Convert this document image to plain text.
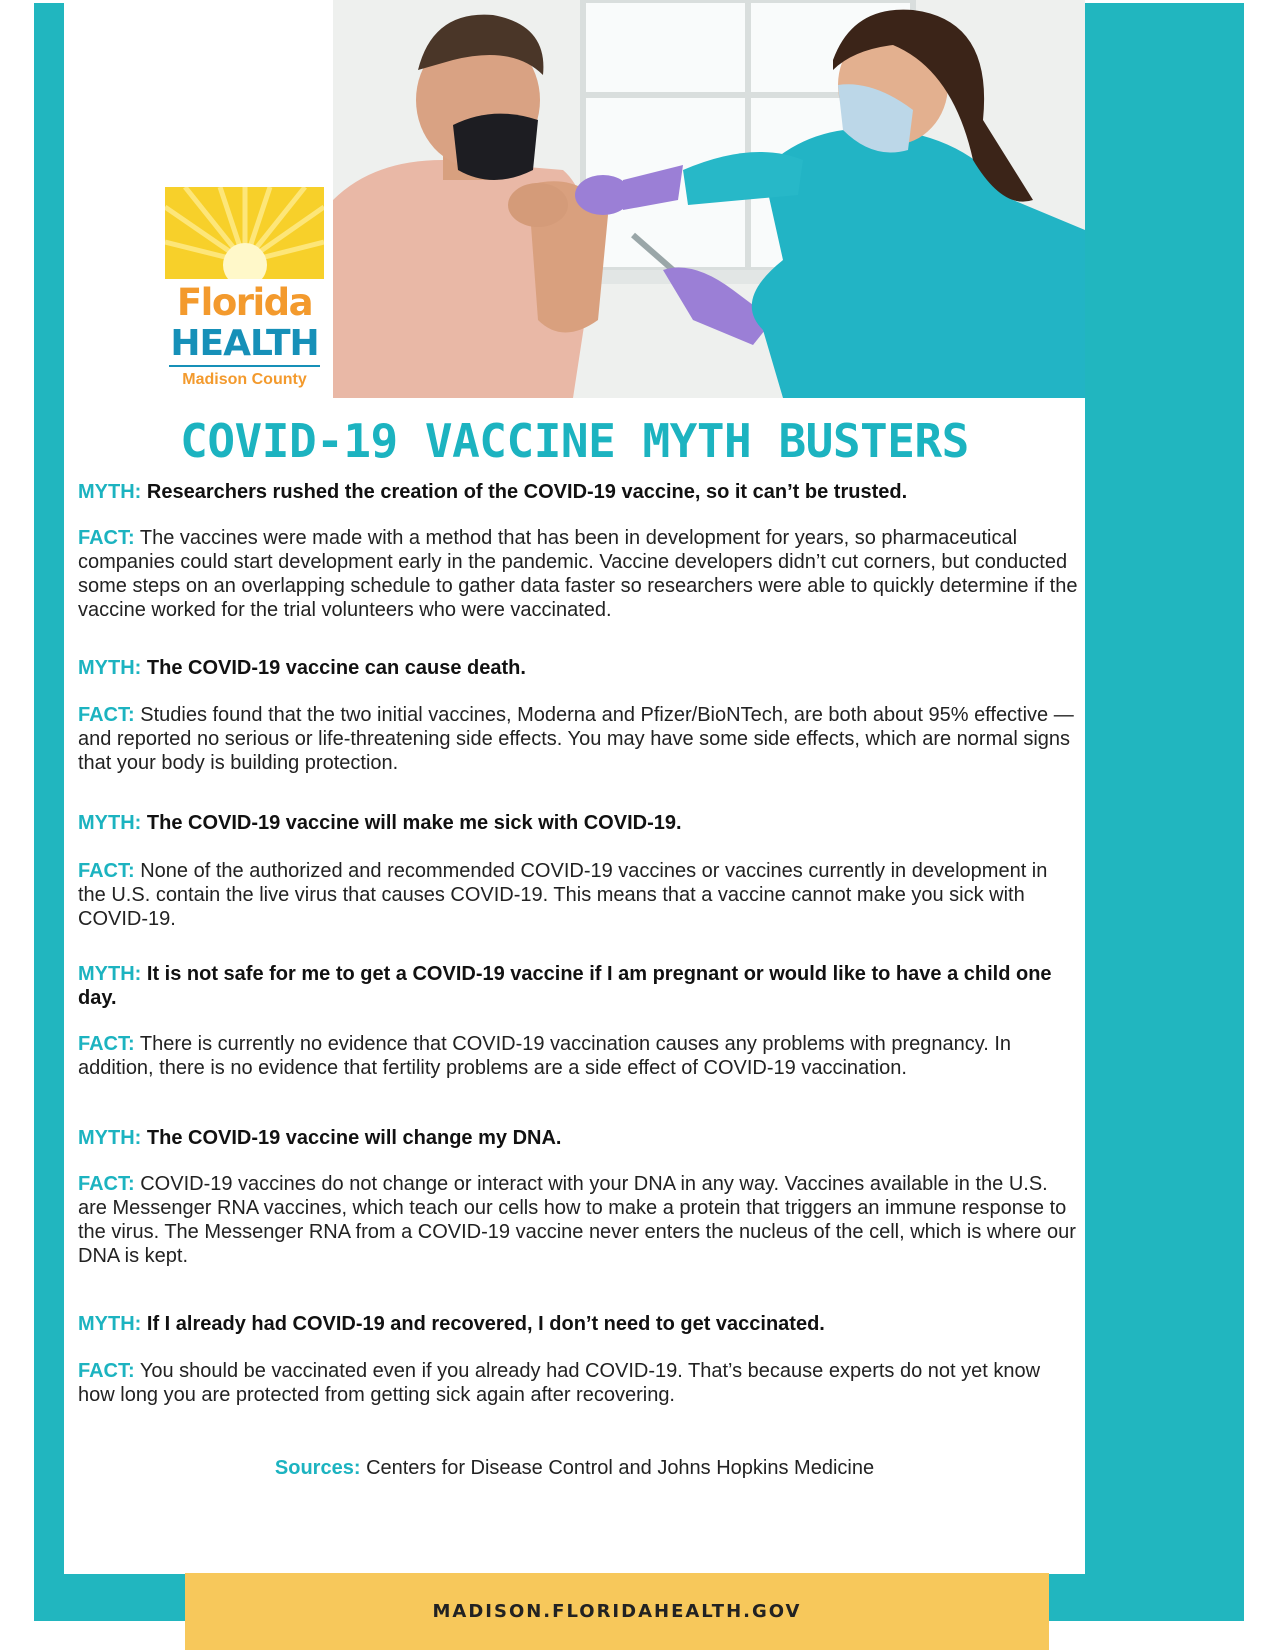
Florida
HEALTH
Madison County
COVID-19 VACCINE MYTH BUSTERS
MYTH: Researchers rushed the creation of the COVID-19 vaccine, so it can’t be trusted.
FACT: The vaccines were made with a method that has been in development for years, so pharmaceutical companies could start development early in the pandemic. Vaccine developers didn’t cut corners, but conducted some steps on an overlapping schedule to gather data faster so researchers were able to quickly determine if the vaccine worked for the trial volunteers who were vaccinated.
MYTH: The COVID-19 vaccine can cause death.
FACT: Studies found that the two initial vaccines, Moderna and Pfizer/BioNTech, are both about 95% effective — and reported no serious or life-threatening side effects. You may have some side effects, which are normal signs that your body is building protection.
MYTH: The COVID-19 vaccine will make me sick with COVID-19.
FACT: None of the authorized and recommended COVID-19 vaccines or vaccines currently in development in the U.S. contain the live virus that causes COVID-19. This means that a vaccine cannot make you sick with COVID-19.
MYTH: It is not safe for me to get a COVID-19 vaccine if I am pregnant or would like to have a child one day.
FACT: There is currently no evidence that COVID-19 vaccination causes any problems with pregnancy. In addition, there is no evidence that fertility problems are a side effect of COVID-19 vaccination.
MYTH: The COVID-19 vaccine will change my DNA.
FACT: COVID-19 vaccines do not change or interact with your DNA in any way. Vaccines available in the U.S. are Messenger RNA vaccines, which teach our cells how to make a protein that triggers an immune response to the virus. The Messenger RNA from a COVID-19 vaccine never enters the nucleus of the cell, which is where our DNA is kept.
MYTH: If I already had COVID-19 and recovered, I don’t need to get vaccinated.
FACT: You should be vaccinated even if you already had COVID-19. That’s because experts do not yet know how long you are protected from getting sick again after recovering.
Sources: Centers for Disease Control and Johns Hopkins Medicine
MADISON.FLORIDAHEALTH.GOV
